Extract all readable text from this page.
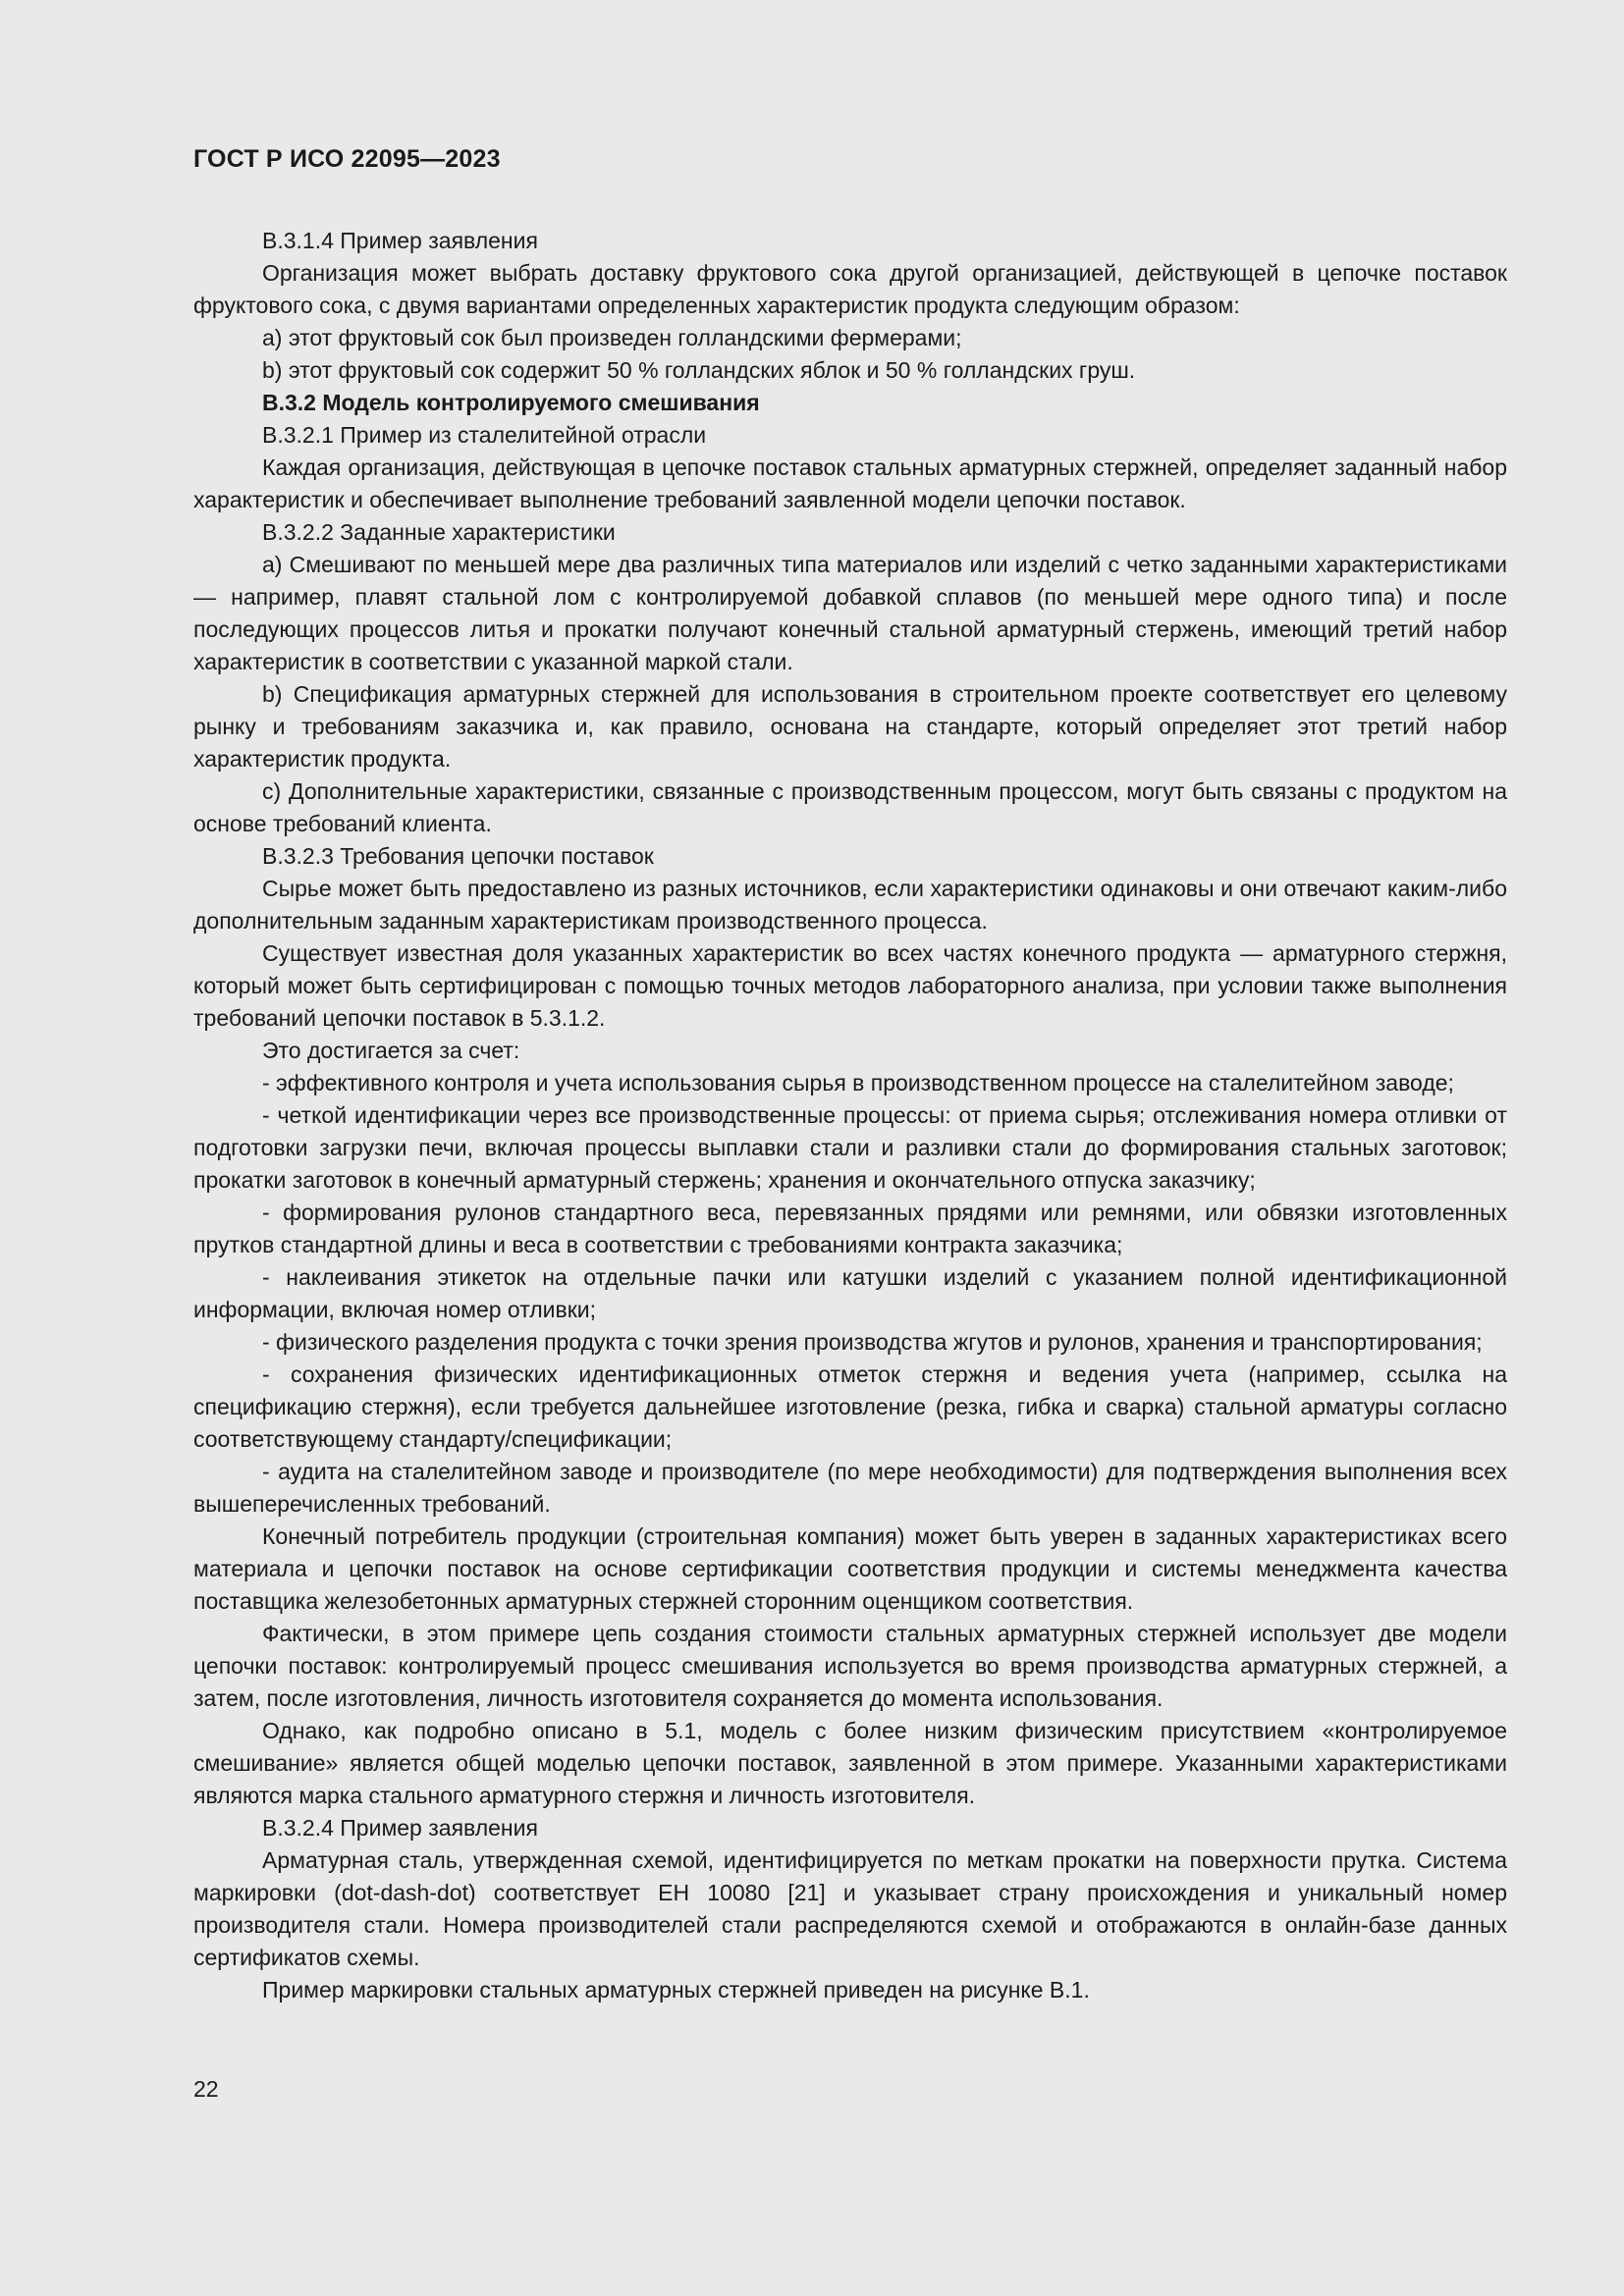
ГОСТ Р ИСО 22095—2023

B.3.1.4 Пример заявления

Организация может выбрать доставку фруктового сока другой организацией, действующей в цепочке поставок фруктового сока, с двумя вариантами определенных характеристик продукта следующим образом:

a) этот фруктовый сок был произведен голландскими фермерами;

b) этот фруктовый сок содержит 50 % голландских яблок и 50 % голландских груш.

B.3.2 Модель контролируемого смешивания

B.3.2.1 Пример из сталелитейной отрасли

Каждая организация, действующая в цепочке поставок стальных арматурных стержней, определяет заданный набор характеристик и обеспечивает выполнение требований заявленной модели цепочки поставок.

B.3.2.2 Заданные характеристики

a) Смешивают по меньшей мере два различных типа материалов или изделий с четко заданными характеристиками — например, плавят стальной лом с контролируемой добавкой сплавов (по меньшей мере одного типа) и после последующих процессов литья и прокатки получают конечный стальной арматурный стержень, имеющий третий набор характеристик в соответствии с указанной маркой стали.

b) Спецификация арматурных стержней для использования в строительном проекте соответствует его целевому рынку и требованиям заказчика и, как правило, основана на стандарте, который определяет этот третий набор характеристик продукта.

c) Дополнительные характеристики, связанные с производственным процессом, могут быть связаны с продуктом на основе требований клиента.

B.3.2.3 Требования цепочки поставок

Сырье может быть предоставлено из разных источников, если характеристики одинаковы и они отвечают каким-либо дополнительным заданным характеристикам производственного процесса.

Существует известная доля указанных характеристик во всех частях конечного продукта — арматурного стержня, который может быть сертифицирован с помощью точных методов лабораторного анализа, при условии также выполнения требований цепочки поставок в 5.3.1.2.

Это достигается за счет:

- эффективного контроля и учета использования сырья в производственном процессе на сталелитейном заводе;

- четкой идентификации через все производственные процессы: от приема сырья; отслеживания номера отливки от подготовки загрузки печи, включая процессы выплавки стали и разливки стали до формирования стальных заготовок; прокатки заготовок в конечный арматурный стержень; хранения и окончательного отпуска заказчику;

- формирования рулонов стандартного веса, перевязанных прядями или ремнями, или обвязки изготовленных прутков стандартной длины и веса в соответствии с требованиями контракта заказчика;

- наклеивания этикеток на отдельные пачки или катушки изделий с указанием полной идентификационной информации, включая номер отливки;

- физического разделения продукта с точки зрения производства жгутов и рулонов, хранения и транспортирования;

- сохранения физических идентификационных отметок стержня и ведения учета (например, ссылка на спецификацию стержня), если требуется дальнейшее изготовление (резка, гибка и сварка) стальной арматуры согласно соответствующему стандарту/спецификации;

- аудита на сталелитейном заводе и производителе (по мере необходимости) для подтверждения выполнения всех вышеперечисленных требований.

Конечный потребитель продукции (строительная компания) может быть уверен в заданных характеристиках всего материала и цепочки поставок на основе сертификации соответствия продукции и системы менеджмента качества поставщика железобетонных арматурных стержней сторонним оценщиком соответствия.

Фактически, в этом примере цепь создания стоимости стальных арматурных стержней использует две модели цепочки поставок: контролируемый процесс смешивания используется во время производства арматурных стержней, а затем, после изготовления, личность изготовителя сохраняется до момента использования.

Однако, как подробно описано в 5.1, модель с более низким физическим присутствием «контролируемое смешивание» является общей моделью цепочки поставок, заявленной в этом примере. Указанными характеристиками являются марка стального арматурного стержня и личность изготовителя.

B.3.2.4 Пример заявления

Арматурная сталь, утвержденная схемой, идентифицируется по меткам прокатки на поверхности прутка. Система маркировки (dot-dash-dot) соответствует ЕН 10080 [21] и указывает страну происхождения и уникальный номер производителя стали. Номера производителей стали распределяются схемой и отображаются в онлайн-базе данных сертификатов схемы.

Пример маркировки стальных арматурных стержней приведен на рисунке B.1.

22
